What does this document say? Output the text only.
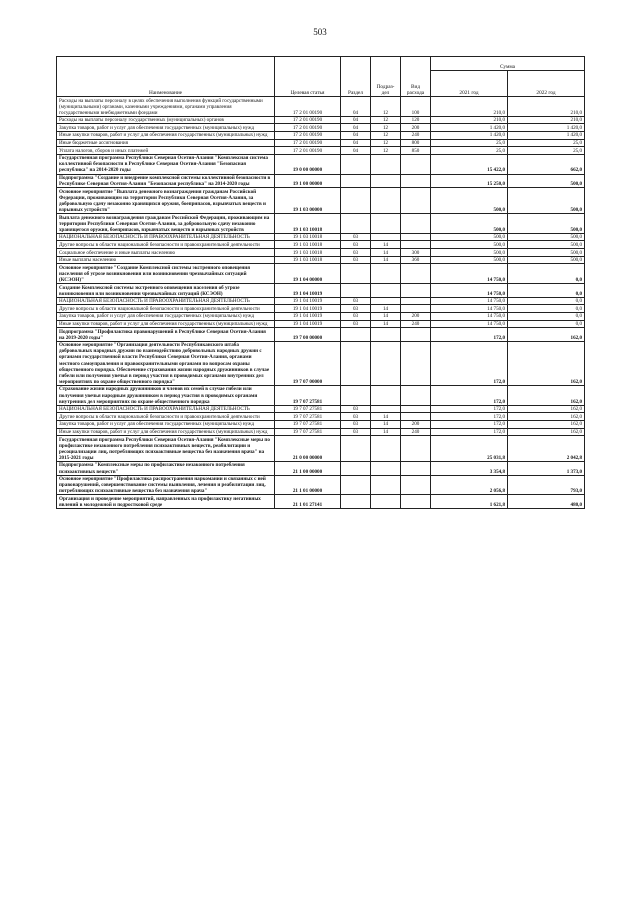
503
Наименование	Целевая статья	Раздел	Подраз-дел	Вид расхода	Сумма	
					2021 год	2022 год
Расходы на выплаты персоналу в целях обеспечения выполнения функций государственными (муниципальными) органами, казенными учреждениями, органами управления государственными внебюджетными фондами	17 2 01 00190	04	12	100	210,0	210,0
Расходы на выплаты персоналу государственных (муниципальных) органов	17 2 01 00190	04	12	120	210,0	210,0
Закупка товаров, работ и услуг для обеспечения государственных (муниципальных) нужд	17 2 01 00190	04	12	200	1 420,0	1 420,0
Иные закупки товаров, работ и услуг для обеспечения государственных (муниципальных) нужд	17 2 01 00190	04	12	240	1 420,0	1 420,0
Иные бюджетные ассигнования	17 2 01 00190	04	12	800	25,0	25,0
Уплата налогов, сборов и иных платежей	17 2 01 00190	04	12	850	25,0	25,0
Государственная программа Республики Северная Осетия-Алания "Комплексная система коллективной безопасности в Республике Северная Осетия-Алания "Безопасная республика" на 2014-2020 годы	19 0 00 00000				15 422,0	662,0
Подпрограмма "Создание и внедрение комплексной системы коллективной безопасности в Республике Северная Осетия-Алания "Безопасная республика" на 2014-2020 годы	19 1 00 00000				15 250,0	500,0
Основное мероприятие "Выплата денежного вознаграждения гражданам Российской Федерации, проживающим на территории Республики Северная Осетия-Алания, за добровольную сдачу незаконно хранящихся оружия, боеприпасов, взрывчатых веществ и взрывных устройств"	19 1 03 00000				500,0	500,0
Выплата денежного вознаграждения гражданам Российской Федерации, проживающим на территории Республики Северная Осетия-Алания, за добровольную сдачу незаконно хранящегося оружия, боеприпасов, взрывчатых веществ и взрывных устройств	19 1 03 10018				500,0	500,0
НАЦИОНАЛЬНАЯ БЕЗОПАСНОСТЬ И ПРАВООХРАНИТЕЛЬНАЯ ДЕЯТЕЛЬНОСТЬ	19 1 03 10018	03			500,0	500,0
Другие вопросы в области национальной безопасности и правоохранительной деятельности	19 1 03 10018	03	14		500,0	500,0
Социальное обеспечение и иные выплаты населению	19 1 03 10018	03	14	300	500,0	500,0
Иные выплаты населению	19 1 03 10018	03	14	360	500,0	500,0
Основное мероприятие "Создание Комплексной системы экстренного оповещения населения об угрозе возникновения или возникновении чрезвычайных ситуаций (КСЭОН)"	19 1 04 00000				14 750,0	0,0
Создание Комплексной системы экстренного оповещения населения об угрозе возникновения или возникновении чрезвычайных ситуаций (КСЭОН)	19 1 04 10019				14 750,0	0,0
НАЦИОНАЛЬНАЯ БЕЗОПАСНОСТЬ И ПРАВООХРАНИТЕЛЬНАЯ ДЕЯТЕЛЬНОСТЬ	19 1 04 10019	03			14 750,0	0,0
Другие вопросы в области национальной безопасности и правоохранительной деятельности	19 1 04 10019	03	14		14 750,0	0,0
Закупка товаров, работ и услуг для обеспечения государственных (муниципальных) нужд	19 1 04 10019	03	14	200	14 750,0	0,0
Иные закупки товаров, работ и услуг для обеспечения государственных (муниципальных) нужд	19 1 04 10019	03	14	240	14 750,0	0,0
Подпрограмма "Профилактика правонарушений в Республике Северная Осетия-Алания на 2019-2020 годы"	19 7 00 00000				172,0	162,0
Основное мероприятие "Организация деятельности Республиканского штаба добровольных народных дружин по взаимодействию добровольных народных дружин с органами государственной власти Республики Северная Осетия-Алания, органами местного самоуправления и правоохранительными органами по вопросам охраны общественного порядка. Обеспечение страхования жизни народных дружинников в случае гибели или получения увечья в период участия в проводимых органами внутренних дел мероприятиях по охране общественного порядка"	19 7 07 00000				172,0	162,0
Страхование жизни народных дружинников и членов их семей в случае гибели или получения увечья народным дружинником в период участия в проводимых органами внутренних дел мероприятиях по охране общественного порядка	19 7 07 27581				172,0	162,0
НАЦИОНАЛЬНАЯ БЕЗОПАСНОСТЬ И ПРАВООХРАНИТЕЛЬНАЯ ДЕЯТЕЛЬНОСТЬ	19 7 07 27581	03			172,0	162,0
Другие вопросы в области национальной безопасности и правоохранительной деятельности	19 7 07 27581	03	14		172,0	162,0
Закупка товаров, работ и услуг для обеспечения государственных (муниципальных) нужд	19 7 07 27581	03	14	200	172,0	162,0
Иные закупки товаров, работ и услуг для обеспечения государственных (муниципальных) нужд	19 7 07 27581	03	14	240	172,0	162,0
Государственная программа Республики Северная Осетия-Алания "Комплексные меры по профилактике незаконного потребления психоактивных веществ, реабилитации и ресоциализации лиц, потребляющих психоактивные вещества без назначения врача" на 2015-2021 годы	21 0 00 00000				25 031,8	2 042,8
Подпрограмма "Комплексные меры по профилактике незаконного потребления психоактивных веществ"	21 1 00 00000				3 354,8	1 373,0
Основное мероприятие "Профилактика распространения наркомании и связанных с ней правонарушений, совершенствование системы выявления, лечения и реабилитации лиц, потребляющих психоактивные вещества без назначения врача"	21 1 01 00000				2 056,8	793,0
Организация и проведение мероприятий, направленных на профилактику негативных явлений в молодежной и подростковой среде	21 1 01 27141				1 621,8	480,0
